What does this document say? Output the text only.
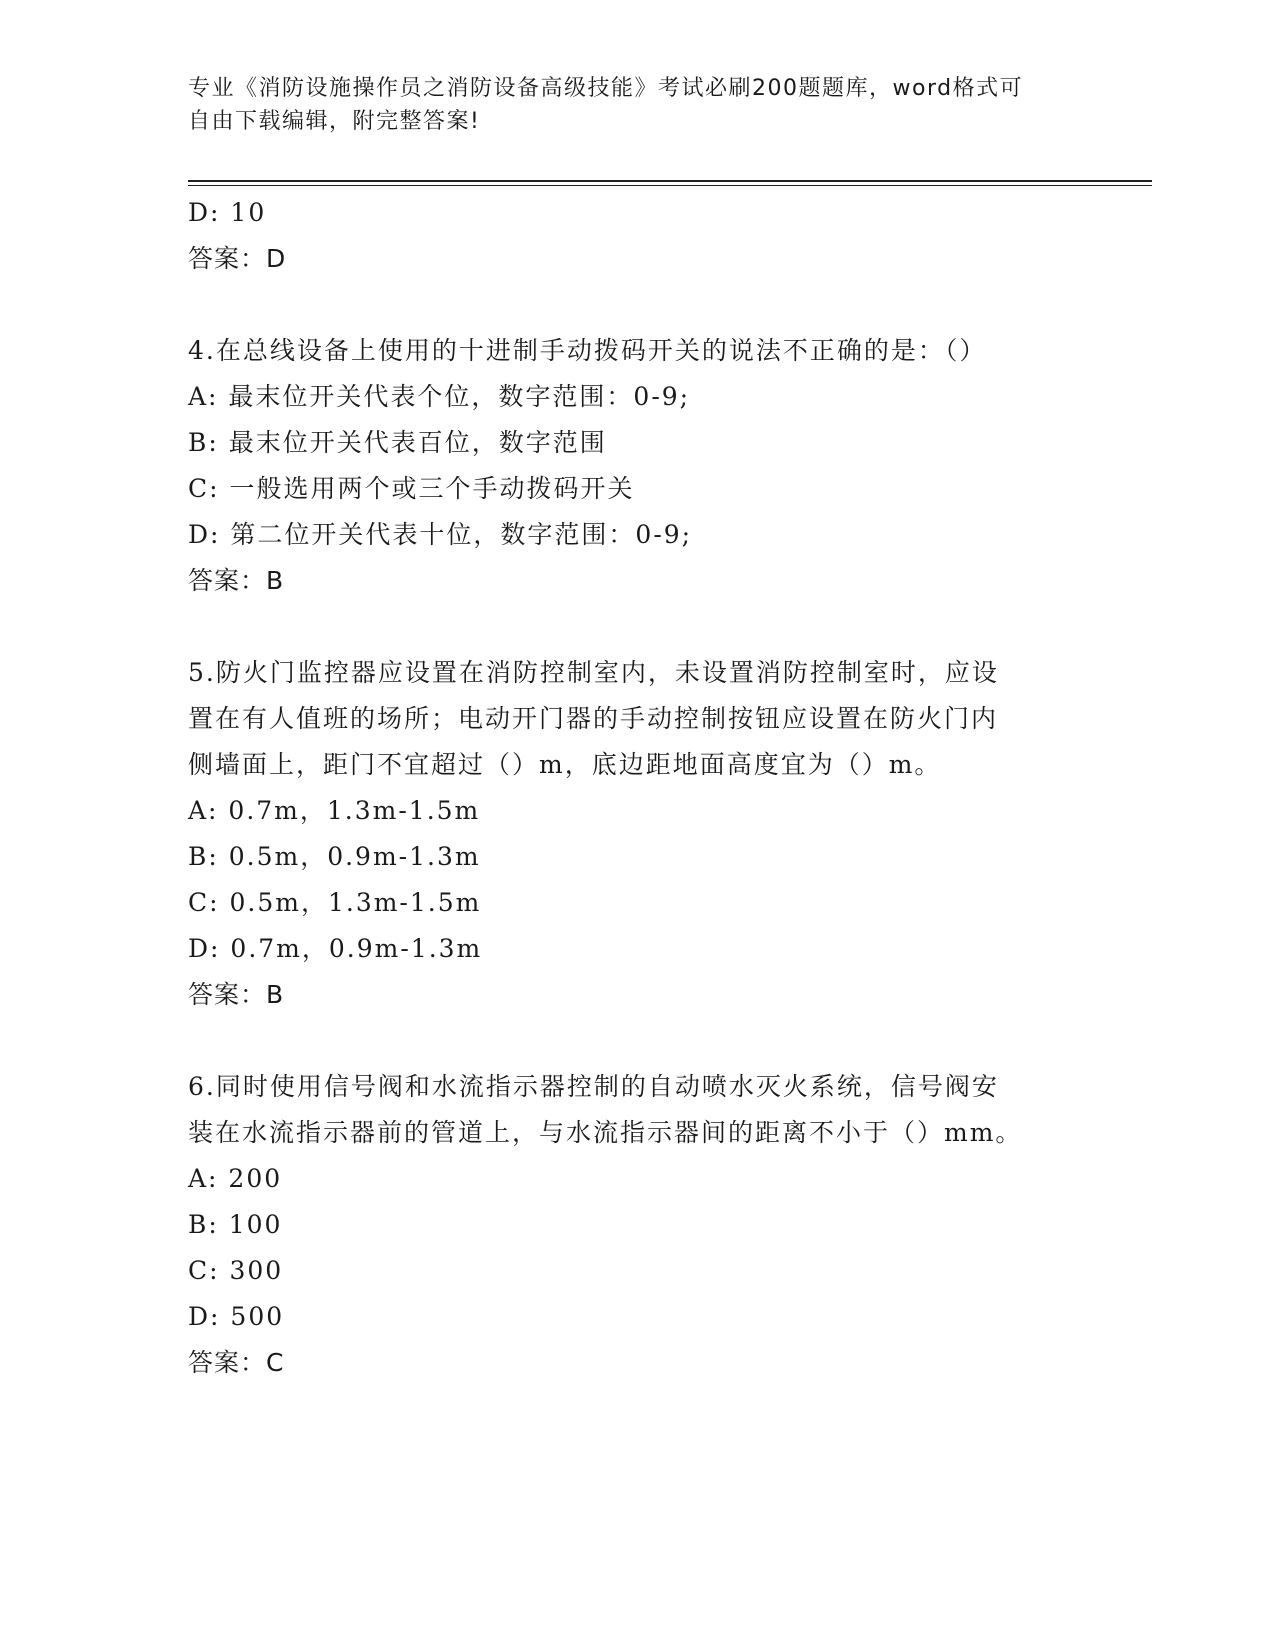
专业《消防设施操作员之消防设备高级技能》考试必刷200题题库，word格式可
自由下载编辑，附完整答案!
D: 10
答案：D
4.在总线设备上使用的十进制手动拨码开关的说法不正确的是：（）
A: 最末位开关代表个位，数字范围：0-9;
B: 最末位开关代表百位，数字范围
C: 一般选用两个或三个手动拨码开关
D: 第二位开关代表十位，数字范围：0-9;
答案：B
5.防火门监控器应设置在消防控制室内，未设置消防控制室时，应设
置在有人值班的场所；电动开门器的手动控制按钮应设置在防火门内
侧墙面上，距门不宜超过（）m，底边距地面高度宜为（）m。
A: 0.7m，1.3m-1.5m
B: 0.5m，0.9m-1.3m
C: 0.5m，1.3m-1.5m
D: 0.7m，0.9m-1.3m
答案：B
6.同时使用信号阀和水流指示器控制的自动喷水灭火系统，信号阀安
装在水流指示器前的管道上，与水流指示器间的距离不小于（）mm。
A: 200
B: 100
C: 300
D: 500
答案：C
